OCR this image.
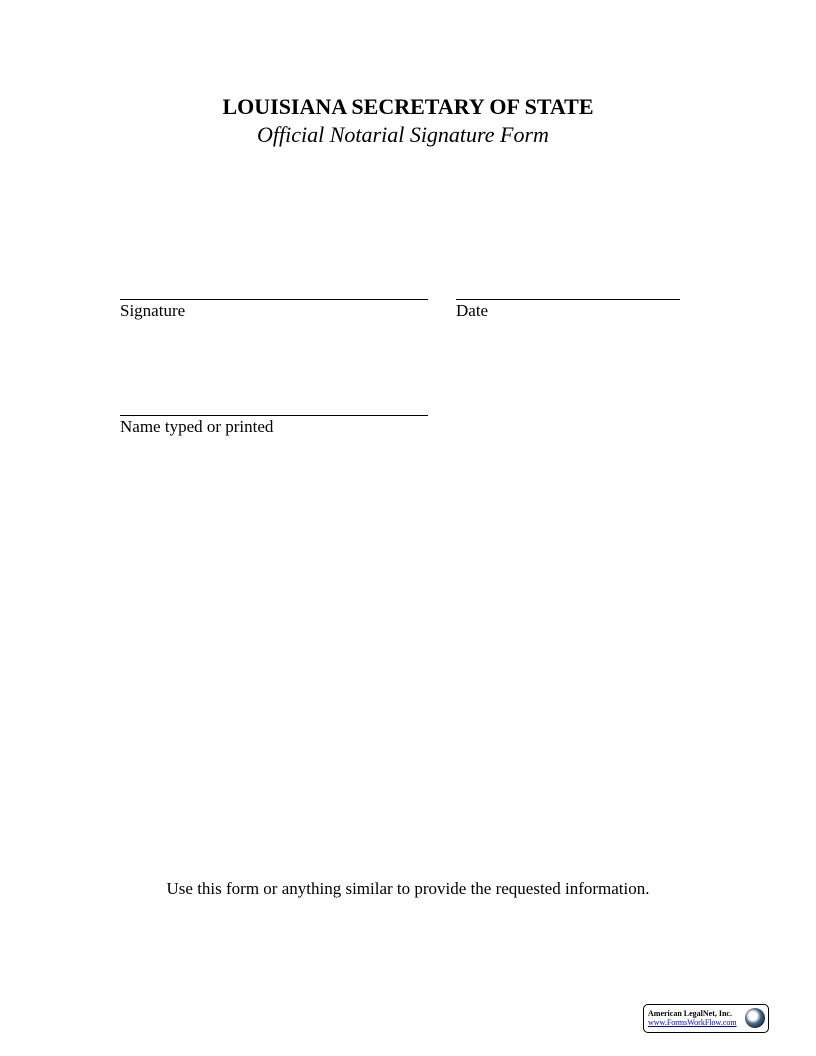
LOUISIANA SECRETARY OF STATE
Official Notarial Signature Form
Signature	Date
Name typed or printed
Use this form or anything similar to provide the requested information.
American LegalNet, Inc.
www.FormsWorkFlow.com
